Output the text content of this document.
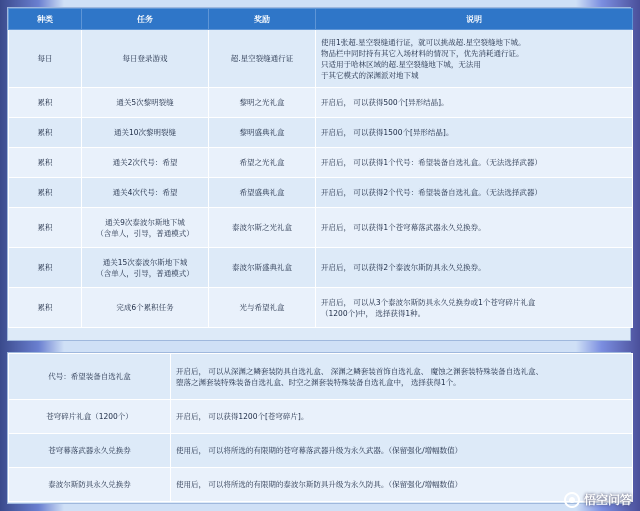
种类	任务	奖励	说明
每日	每日登录游戏	超.星空裂缝通行证	使用1张超.星空裂缝通行证，就可以挑战超.星空裂缝地下城。
物品栏中同时持有其它入场材料的情况下，优先消耗通行证。
只适用于哈林区域的超.星空裂缝地下城，无法用
于其它模式的深渊派对地下城
累积	通关5次黎明裂缝	黎明之光礼盒	开启后， 可以获得500个[异形结晶]。
累积	通关10次黎明裂缝	黎明盛典礼盒	开启后， 可以获得1500个[异形结晶]。
累积	通关2次代号：希望	希望之光礼盒	开启后， 可以获得1个代号：希望装备自选礼盒。（无法选择武器）
累积	通关4次代号：希望	希望盛典礼盒	开启后， 可以获得2个代号：希望装备自选礼盒。（无法选择武器）
累积	通关9次泰波尔斯地下城
（含单人，引导，普通模式）	泰波尔斯之光礼盒	开启后， 可以获得1个苍穹幕落武器永久兑换券。
累积	通关15次泰波尔斯地下城
（含单人，引导，普通模式）	泰波尔斯盛典礼盒	开启后， 可以获得2个泰波尔斯防具永久兑换券。
累积	完成6个累积任务	光与希望礼盒	开启后， 可以从3个泰波尔斯防具永久兑换券或1个苍穹碎片礼盒
（1200个)中， 选择获得1种。
代号：希望装备自选礼盒	开启后， 可以从深渊之鳞套装防具自选礼盒、 深渊之鳞套装首饰自选礼盒、 魔蚀之渊套装特殊装备自选礼盒、
堕落之渊套装特殊装备自选礼盒、时空之渊套装特殊装备自选礼盒中， 选择获得1个。
苍穹碎片礼盒（1200个）	开启后， 可以获得1200个[苍穹碎片]。
苍穹幕落武器永久兑换券	使用后， 可以将所选的有限期的苍穹幕落武器升级为永久武器。（保留强化/增幅数值）
泰波尔斯防具永久兑换券	使用后， 可以将所选的有限期的泰波尔斯防具升级为永久防具。（保留强化/增幅数值）
悟空问答
